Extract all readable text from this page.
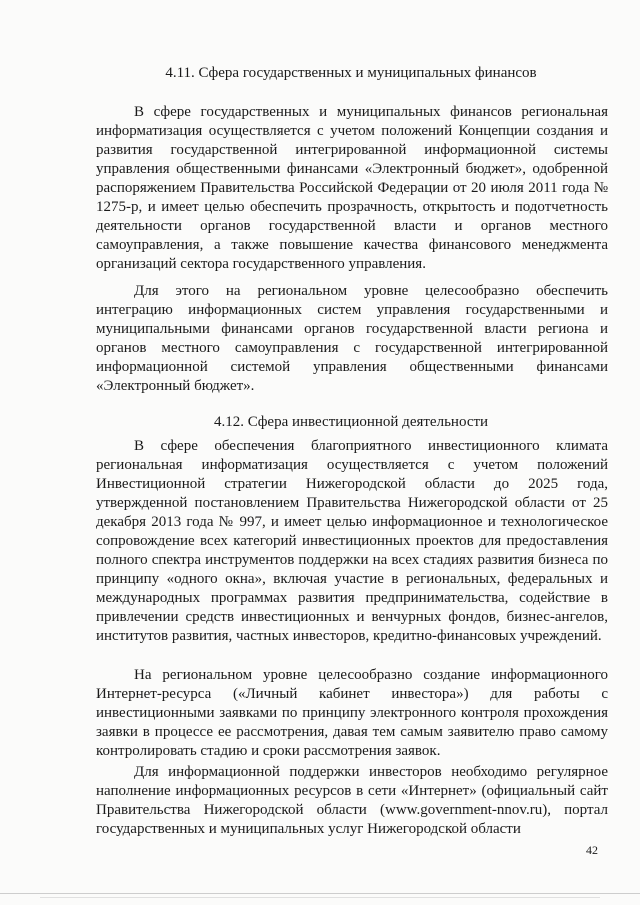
4.11. Сфера государственных и муниципальных финансов

В сфере государственных и муниципальных финансов региональная информатизация осуществляется с учетом положений Концепции создания и развития государственной интегрированной информационной системы управления общественными финансами «Электронный бюджет», одобренной распоряжением Правительства Российской Федерации от 20 июля 2011 года № 1275-р, и имеет целью обеспечить прозрачность, открытость и подотчетность деятельности органов государственной власти и органов местного самоуправления, а также повышение качества финансового менеджмента организаций сектора государственного управления.

Для этого на региональном уровне целесообразно обеспечить интеграцию информационных систем управления государственными и муниципальными финансами органов государственной власти региона и органов местного самоуправления с государственной интегрированной информационной системой управления общественными финансами «Электронный бюджет».

4.12. Сфера инвестиционной деятельности

В сфере обеспечения благоприятного инвестиционного климата региональная информатизация осуществляется с учетом положений Инвестиционной стратегии Нижегородской области до 2025 года, утвержденной постановлением Правительства Нижегородской области от 25 декабря 2013 года № 997, и имеет целью информационное и технологическое сопровождение всех категорий инвестиционных проектов для предоставления полного спектра инструментов поддержки на всех стадиях развития бизнеса по принципу «одного окна», включая участие в региональных, федеральных и международных программах развития предпринимательства, содействие в привлечении средств инвестиционных и венчурных фондов, бизнес-ангелов, институтов развития, частных инвесторов, кредитно-финансовых учреждений.

На региональном уровне целесообразно создание информационного Интернет-ресурса («Личный кабинет инвестора») для работы с инвестиционными заявками по принципу электронного контроля прохождения заявки в процессе ее рассмотрения, давая тем самым заявителю право самому контролировать стадию и сроки рассмотрения заявок.

Для информационной поддержки инвесторов необходимо регулярное наполнение информационных ресурсов в сети «Интернет» (официальный сайт Правительства Нижегородской области (www.government-nnov.ru), портал государственных и муниципальных услуг Нижегородской области

42
